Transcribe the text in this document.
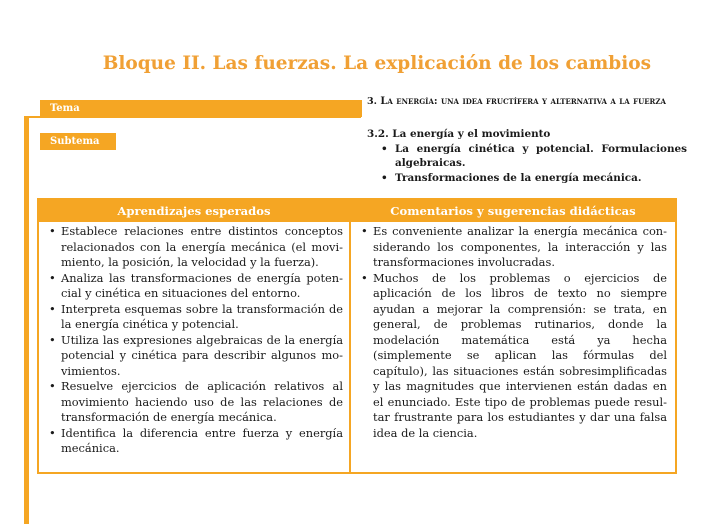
Bloque II. Las fuerzas. La explicación de los cambios
Tema
Subtema
3. La energía: una idea fructífera y alternativa a la fuerza
3.2. La energía y el movimiento
• La energía cinética y potencial. Formulaciones algebraicas.
• Transformaciones de la energía mecánica.
Aprendizajes esperados	Comentarios y sugerencias didácticas
• Establece relaciones entre distintos conceptos relacionados con la energía mecánica (el movimiento, la posición, la velocidad y la fuerza).
• Analiza las transformaciones de energía potencial y cinética en situaciones del entorno.
• Interpreta esquemas sobre la transformación de la energía cinética y potencial.
• Utiliza las expresiones algebraicas de la energía potencial y cinética para describir algunos movimientos.
• Resuelve ejercicios de aplicación relativos al movimiento haciendo uso de las relaciones de transformación de energía mecánica.
• Identifica la diferencia entre fuerza y energía mecánica.
• Es conveniente analizar la energía mecánica considerando los componentes, la interacción y las transformaciones involucradas.
• Muchos de los problemas o ejercicios de aplicación de los libros de texto no siempre ayudan a mejorar la comprensión: se trata, en general, de problemas rutinarios, donde la modelación matemática está ya hecha (simplemente se aplican las fórmulas del capítulo), las situaciones están sobresimplificadas y las magnitudes que intervienen están dadas en el enunciado. Este tipo de problemas puede resultar frustrante para los estudiantes y dar una falsa idea de la ciencia.
